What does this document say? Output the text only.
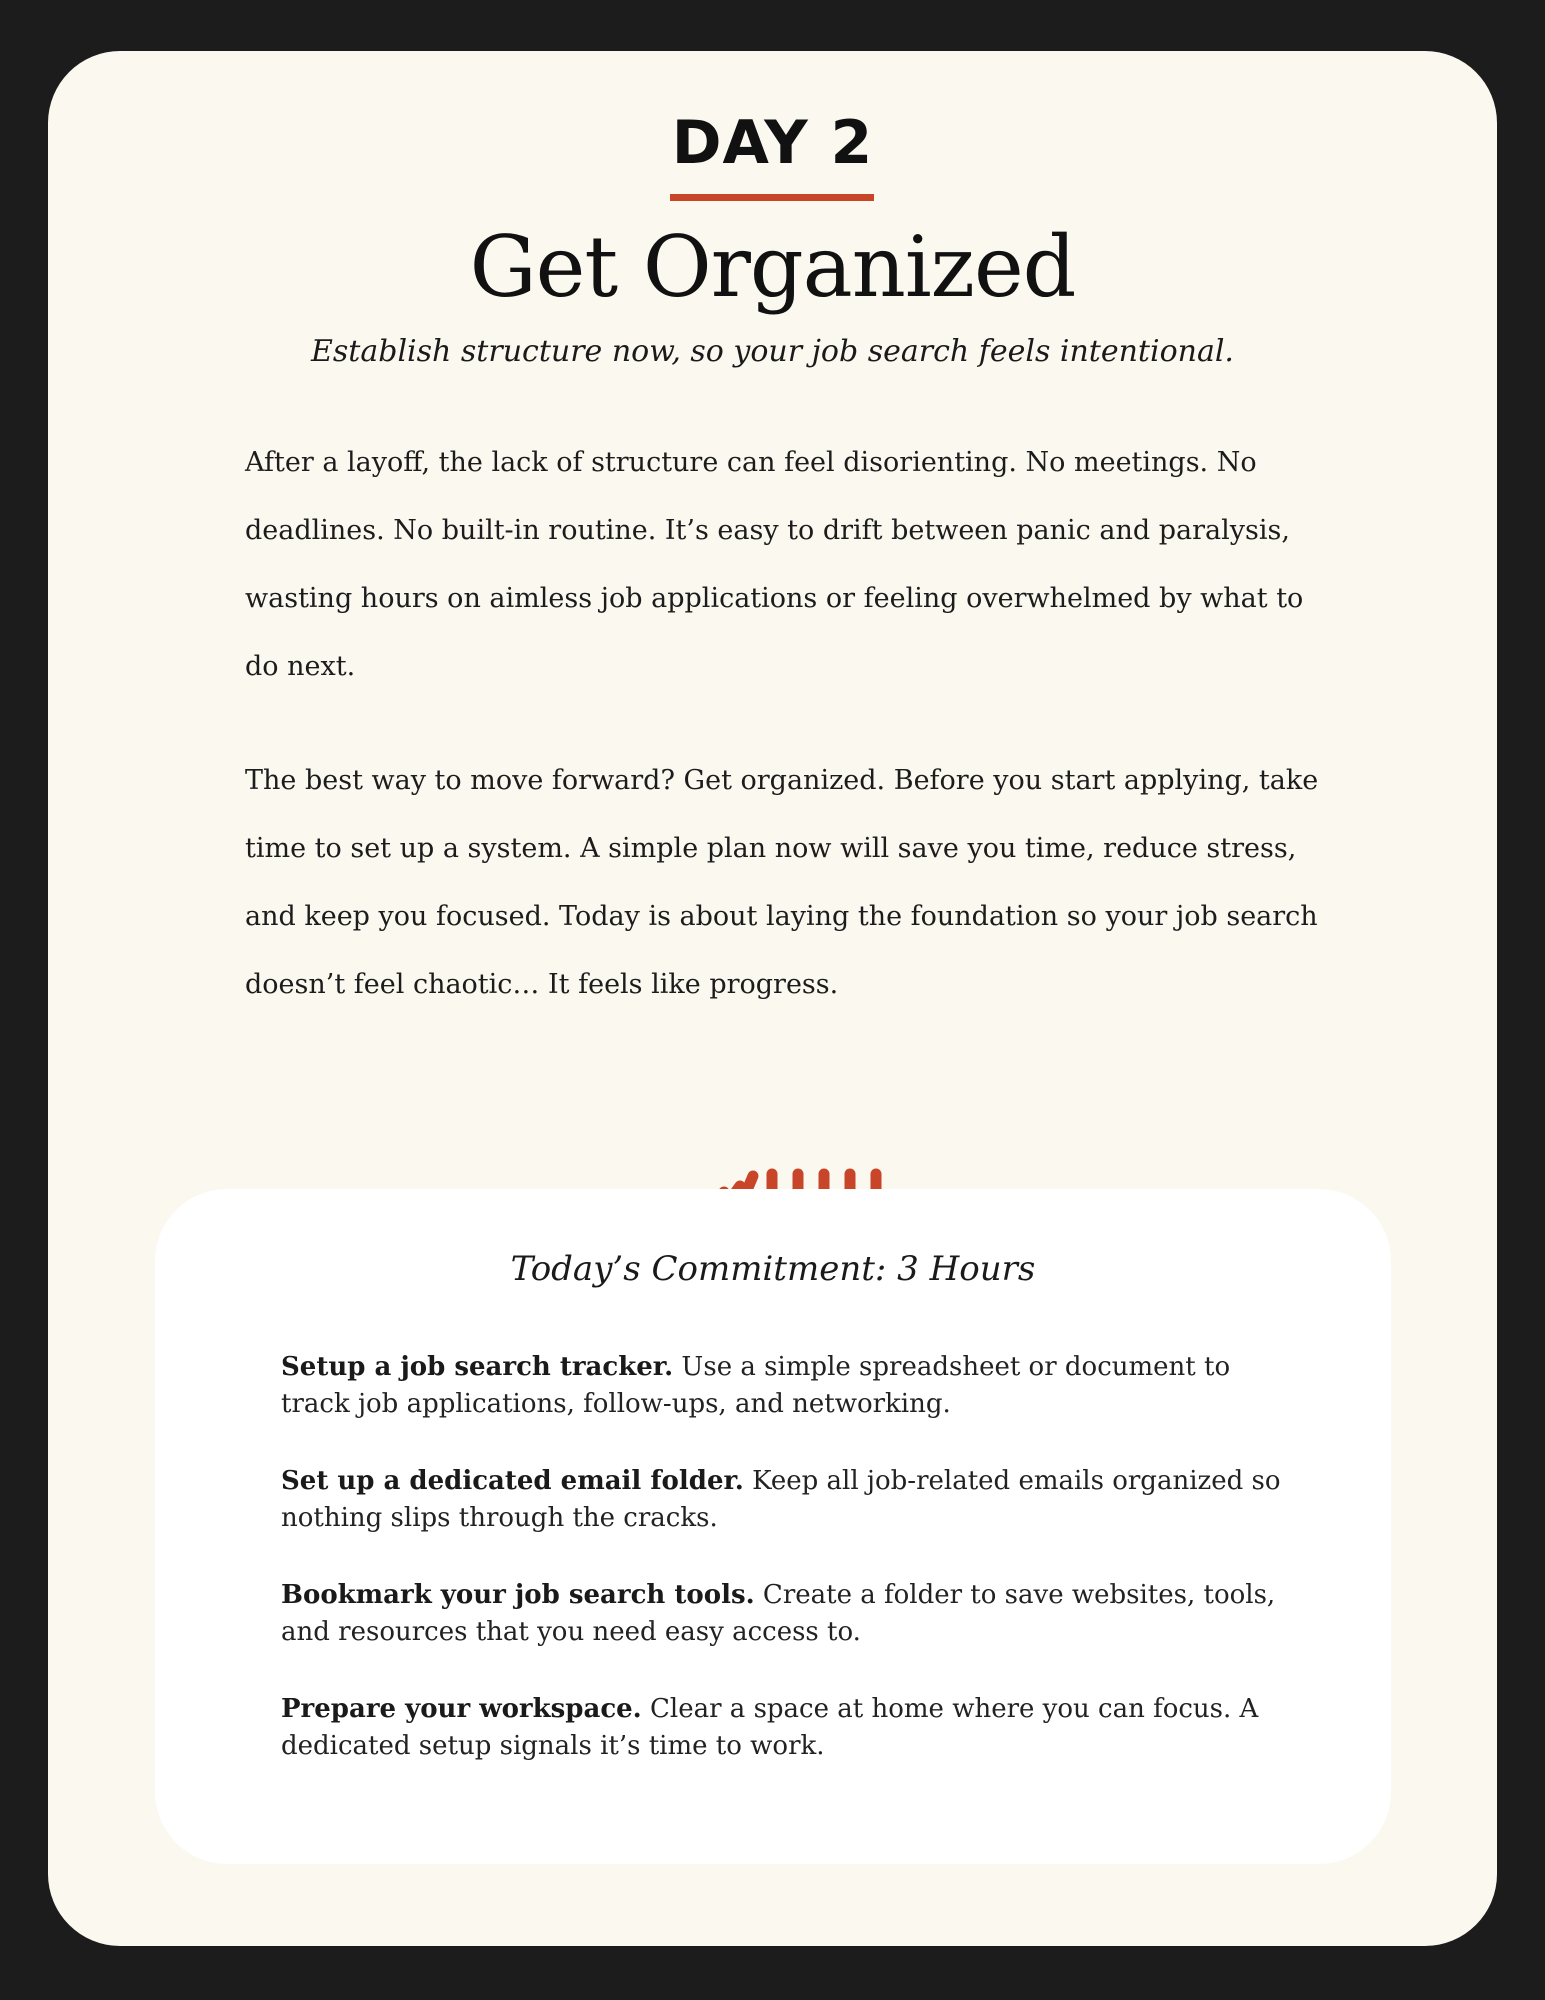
DAY 2
Get Organized
Establish structure now, so your job search feels intentional.

After a layoff, the lack of structure can feel disorienting. No meetings. No deadlines. No built-in routine. It’s easy to drift between panic and paralysis, wasting hours on aimless job applications or feeling overwhelmed by what to do next.

The best way to move forward? Get organized. Before you start applying, take time to set up a system. A simple plan now will save you time, reduce stress, and keep you focused. Today is about laying the foundation so your job search doesn’t feel chaotic… It feels like progress.

Today’s Commitment: 3 Hours

Setup a job search tracker. Use a simple spreadsheet or document to track job applications, follow-ups, and networking.

Set up a dedicated email folder. Keep all job-related emails organized so nothing slips through the cracks.

Bookmark your job search tools. Create a folder to save websites, tools, and resources that you need easy access to.

Prepare your workspace. Clear a space at home where you can focus. A dedicated setup signals it’s time to work.
